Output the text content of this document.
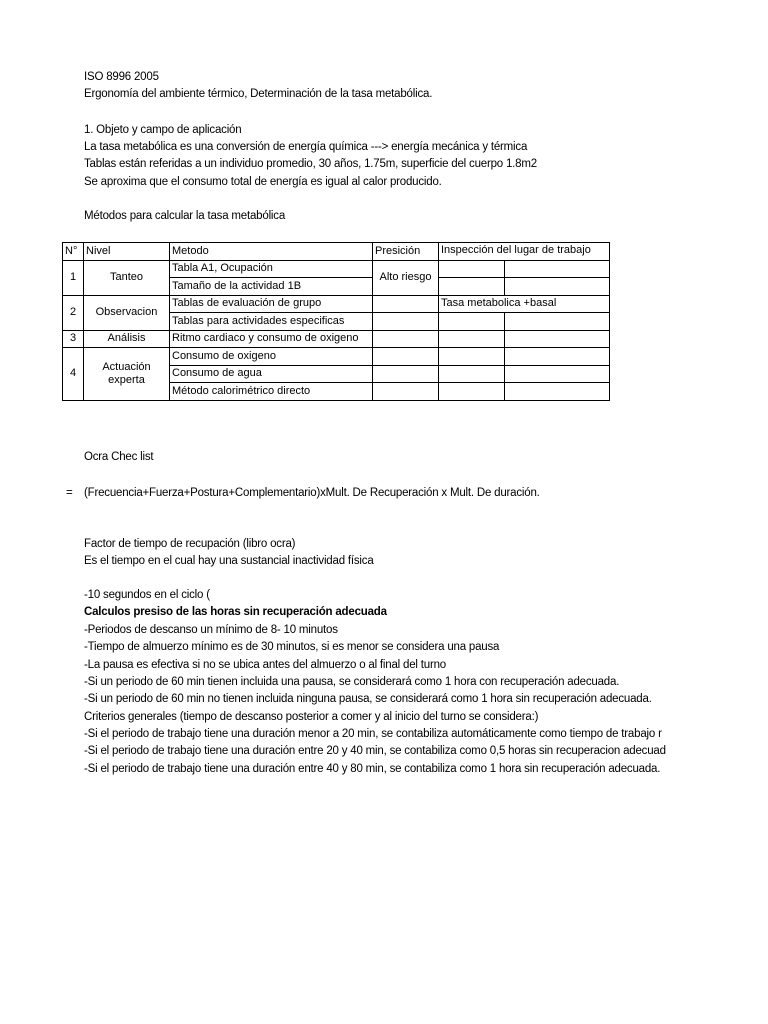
ISO 8996 2005
Ergonomía del ambiente térmico, Determinación de la tasa metabólica.
1. Objeto y campo de aplicación
La tasa metabólica es una conversión de energía química ---> energía mecánica y térmica
Tablas están referidas a un individuo promedio, 30 años, 1.75m, superficie del cuerpo 1.8m2
Se aproxima que el consumo total de energía es igual al calor producido.
Métodos para calcular la tasa metabólica
N°	Nivel	Metodo	Presición	Inspección del lugar de trabajo	

1	Tanteo	Tabla A1, Ocupación	Alto riesgo		
		Tamaño de la actividad 1B			
2	Observacion	Tablas de evaluación de grupo		Tasa metabolica +basal	

		Tablas para actividades especificas			
3	Análisis	Ritmo cardiaco y consumo de oxigeno			
4	Actuación experta	Consumo de oxigeno			
		Consumo de agua			
		Método calorimétrico directo			
Ocra Chec list
= (Frecuencia+Fuerza+Postura+Complementario)xMult. De Recuperación x Mult. De duración.
Factor de tiempo de recupación (libro ocra)
Es el tiempo en el cual hay una sustancial inactividad física
-10 segundos en el ciclo (
Calculos presiso de las horas sin recuperación adecuada
-Periodos de descanso un mínimo de 8- 10 minutos
-Tiempo de almuerzo mínimo es de 30 minutos, si es menor se considera una pausa
-La pausa es efectiva si no se ubica antes del almuerzo o al final del turno
-Si un periodo de 60 min tienen incluida una pausa, se considerará como 1 hora con recuperación adecuada.
-Si un periodo de 60 min no tienen incluida ninguna pausa, se considerará como 1 hora sin recuperación adecuada.
Criterios generales (tiempo de descanso posterior a comer y al inicio del turno se considera:)
-Si el periodo de trabajo tiene una duración menor a 20 min, se contabiliza automáticamente como tiempo de trabajo r
-Si el periodo de trabajo tiene una duración entre 20 y 40 min, se contabiliza como 0,5 horas sin recuperacion adecuad
-Si el periodo de trabajo tiene una duración entre 40 y 80 min, se contabiliza como 1 hora sin recuperación adecuada.
